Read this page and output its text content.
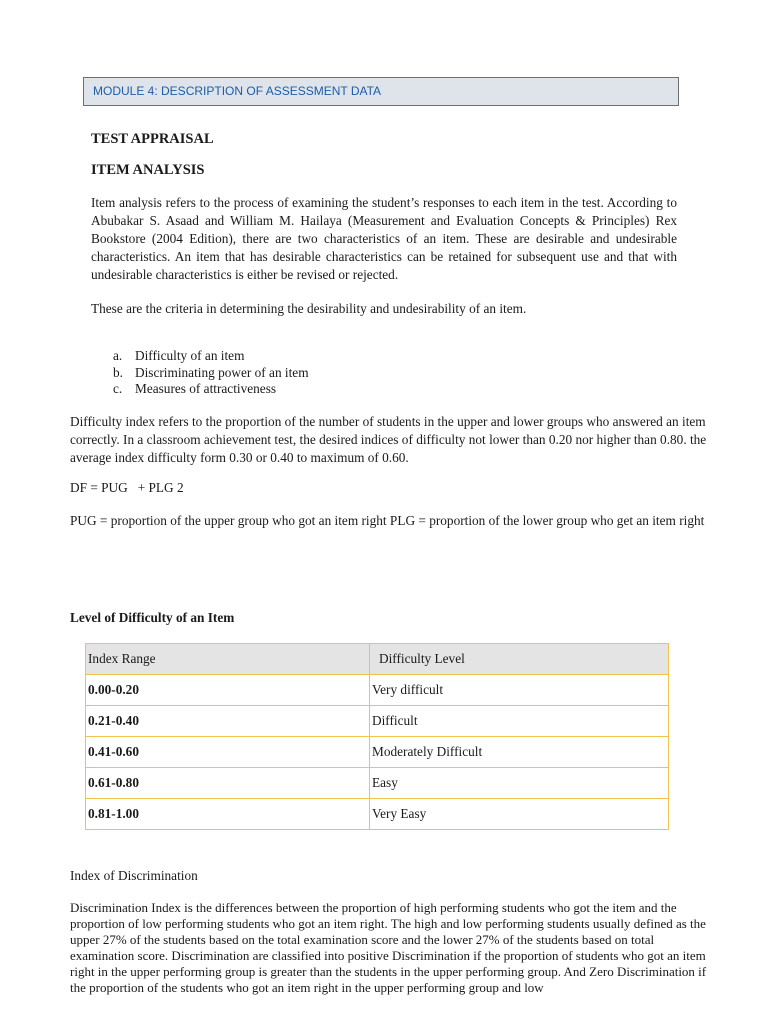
MODULE 4: DESCRIPTION OF ASSESSMENT DATA

TEST APPRAISAL

ITEM ANALYSIS

Item analysis refers to the process of examining the student’s responses to each item in the test. According to Abubakar S. Asaad and William M. Hailaya (Measurement and Evaluation Concepts & Principles) Rex Bookstore (2004 Edition), there are two characteristics of an item. These are desirable and undesirable characteristics. An item that has desirable characteristics can be retained for subsequent use and that with undesirable characteristics is either be revised or rejected.

These are the criteria in determining the desirability and undesirability of an item.

a. Difficulty of an item
b. Discriminating power of an item
c. Measures of attractiveness

Difficulty index refers to the proportion of the number of students in the upper and lower groups who answered an item correctly. In a classroom achievement test, the desired indices of difficulty not lower than 0.20 nor higher than 0.80. the average index difficulty form 0.30 or 0.40 to maximum of 0.60.

DF = PUG   + PLG 2

PUG = proportion of the upper group who got an item right PLG = proportion of the lower group who get an item right

Level of Difficulty of an Item

Index Range	Difficulty Level
0.00-0.20	Very difficult
0.21-0.40	Difficult
0.41-0.60	Moderately Difficult
0.61-0.80	Easy
0.81-1.00	Very Easy

Index of Discrimination

Discrimination Index is the differences between the proportion of high performing students who got the item and the proportion of low performing students who got an item right. The high and low performing students usually defined as the upper 27% of the students based on the total examination score and the lower 27% of the students based on total examination score. Discrimination are classified into positive Discrimination if the proportion of students who got an item right in the upper performing group is greater than the students in the upper performing group. And Zero Discrimination if the proportion of the students who got an item right in the upper performing group and low
